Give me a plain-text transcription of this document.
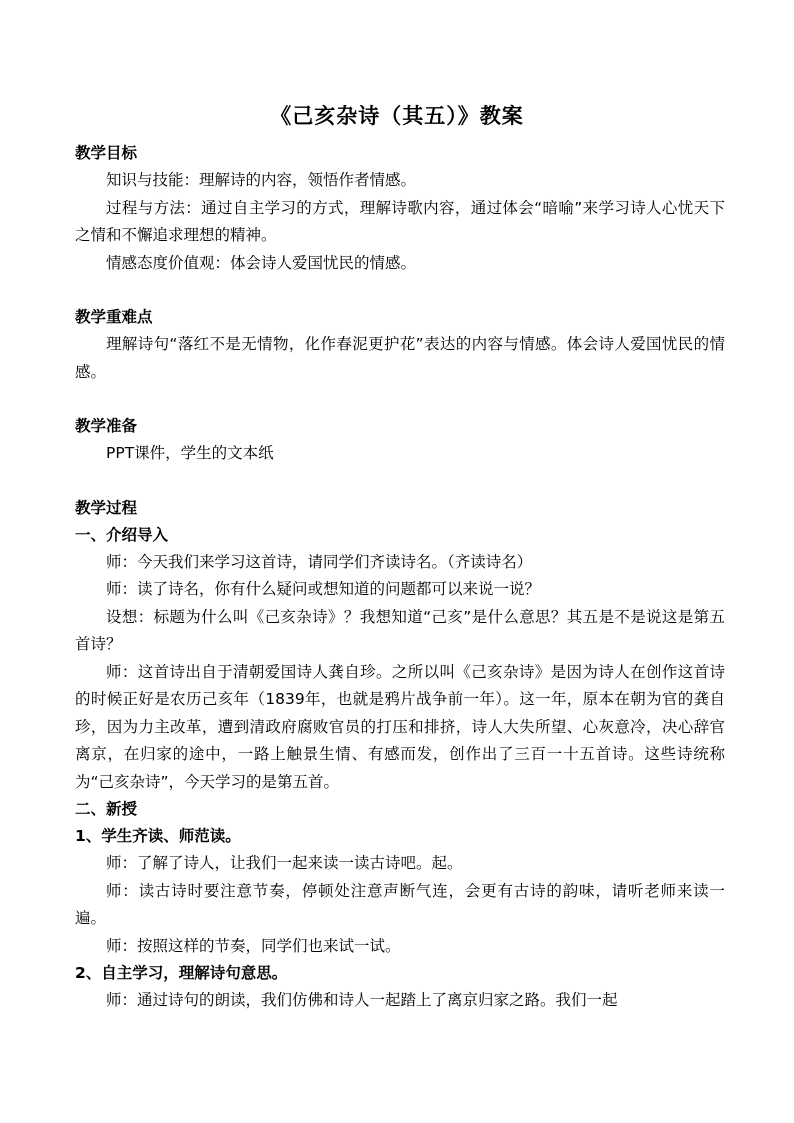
《己亥杂诗（其五）》教案

教学目标

知识与技能：理解诗的内容，领悟作者情感。

过程与方法：通过自主学习的方式，理解诗歌内容，通过体会“暗喻”来学习诗人心忧天下之情和不懈追求理想的精神。

情感态度价值观：体会诗人爱国忧民的情感。

教学重难点

理解诗句“落红不是无情物，化作春泥更护花”表达的内容与情感。体会诗人爱国忧民的情感。

教学准备

PPT课件，学生的文本纸

教学过程

一、介绍导入

师：今天我们来学习这首诗，请同学们齐读诗名。（齐读诗名）

师：读了诗名，你有什么疑问或想知道的问题都可以来说一说？

设想：标题为什么叫《己亥杂诗》？我想知道“己亥”是什么意思？其五是不是说这是第五首诗？

师：这首诗出自于清朝爱国诗人龚自珍。之所以叫《己亥杂诗》是因为诗人在创作这首诗的时候正好是农历己亥年（1839年，也就是鸦片战争前一年）。这一年，原本在朝为官的龚自珍，因为力主改革，遭到清政府腐败官员的打压和排挤，诗人大失所望、心灰意冷，决心辞官离京，在归家的途中，一路上触景生情、有感而发，创作出了三百一十五首诗。这些诗统称为“己亥杂诗”，今天学习的是第五首。

二、新授

1、学生齐读、师范读。

师：了解了诗人，让我们一起来读一读古诗吧。起。

师：读古诗时要注意节奏，停顿处注意声断气连，会更有古诗的韵味，请听老师来读一遍。

师：按照这样的节奏，同学们也来试一试。

2、自主学习，理解诗句意思。

师：通过诗句的朗读，我们仿佛和诗人一起踏上了离京归家之路。我们一起
